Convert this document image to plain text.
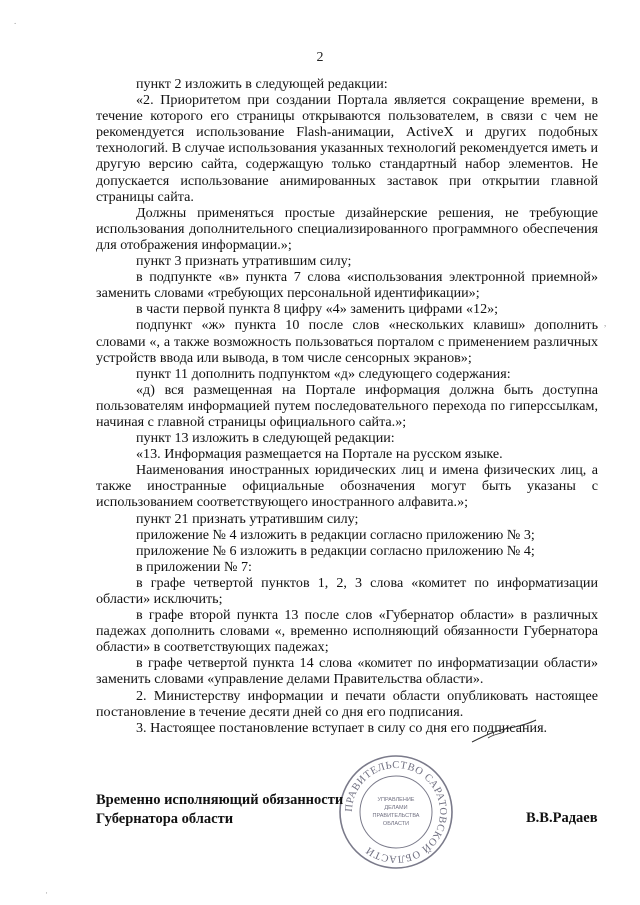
2

пункт 2 изложить в следующей редакции:

«2. Приоритетом при создании Портала является сокращение времени, в течение которого его страницы открываются пользователем, в связи с чем не рекомендуется использование Flash-анимации, ActiveX и других подобных технологий. В случае использования указанных технологий рекомендуется иметь и другую версию сайта, содержащую только стандартный набор элементов. Не допускается использование анимированных заставок при открытии главной страницы сайта.

Должны применяться простые дизайнерские решения, не требующие использования дополнительного специализированного программного обеспечения для отображения информации.»;

пункт 3 признать утратившим силу;

в подпункте «в» пункта 7 слова «использования электронной приемной» заменить словами «требующих персональной идентификации»;

в части первой пункта 8 цифру «4» заменить цифрами «12»;

подпункт «ж» пункта 10 после слов «нескольких клавиш» дополнить словами «, а также возможность пользоваться порталом с применением различных устройств ввода или вывода, в том числе сенсорных экранов»;

пункт 11 дополнить подпунктом «д» следующего содержания:

«д) вся размещенная на Портале информация должна быть доступна пользователям информацией путем последовательного перехода по гиперссылкам, начиная с главной страницы официального сайта.»;

пункт 13 изложить в следующей редакции:

«13. Информация размещается на Портале на русском языке.

Наименования иностранных юридических лиц и имена физических лиц, а также иностранные официальные обозначения могут быть указаны с использованием соответствующего иностранного алфавита.»;

пункт 21 признать утратившим силу;

приложение № 4 изложить в редакции согласно приложению № 3;

приложение № 6 изложить в редакции согласно приложению № 4;

в приложении № 7:

в графе четвертой пунктов 1, 2, 3 слова «комитет по информатизации области» исключить;

в графе второй пункта 13 после слов «Губернатор области» в различных падежах дополнить словами «, временно исполняющий обязанности Губернатора области» в соответствующих падежах;

в графе четвертой пункта 14 слова «комитет по информатизации области» заменить словами «управление делами Правительства области».

2. Министерству информации и печати области опубликовать настоящее постановление в течение десяти дней со дня его подписания.

3. Настоящее постановление вступает в силу со дня его подписания.

ПРАВИТЕЛЬСТВО САРАТОВСКОЙ ОБЛАСТИ
УПРАВЛЕНИЕ
ДЕЛАМИ
ПРАВИТЕЛЬСТВА
ОБЛАСТИ
Временно исполняющий обязанности
Губернатора области	В.В.Радаев
.
·
,
